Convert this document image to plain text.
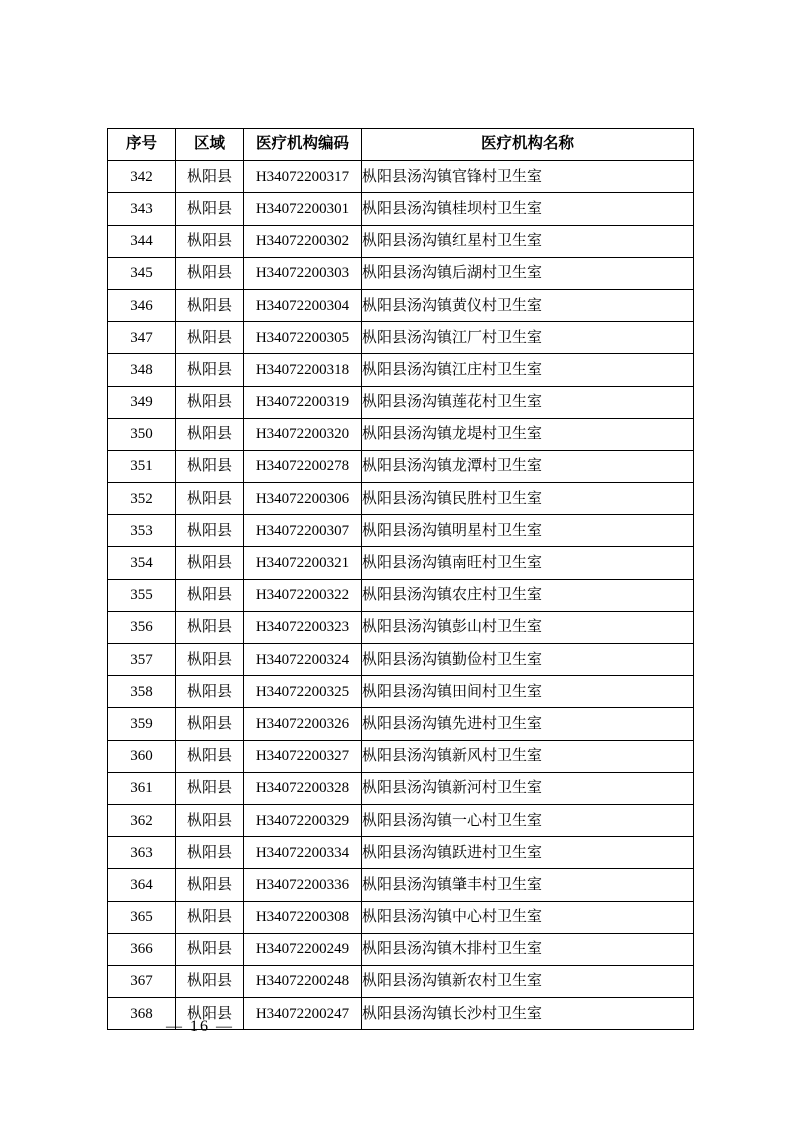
序号	区域	医疗机构编码	医疗机构名称
342	枞阳县	H34072200317	枞阳县汤沟镇官锋村卫生室
343	枞阳县	H34072200301	枞阳县汤沟镇桂坝村卫生室
344	枞阳县	H34072200302	枞阳县汤沟镇红星村卫生室
345	枞阳县	H34072200303	枞阳县汤沟镇后湖村卫生室
346	枞阳县	H34072200304	枞阳县汤沟镇黄仪村卫生室
347	枞阳县	H34072200305	枞阳县汤沟镇江厂村卫生室
348	枞阳县	H34072200318	枞阳县汤沟镇江庄村卫生室
349	枞阳县	H34072200319	枞阳县汤沟镇莲花村卫生室
350	枞阳县	H34072200320	枞阳县汤沟镇龙堤村卫生室
351	枞阳县	H34072200278	枞阳县汤沟镇龙潭村卫生室
352	枞阳县	H34072200306	枞阳县汤沟镇民胜村卫生室
353	枞阳县	H34072200307	枞阳县汤沟镇明星村卫生室
354	枞阳县	H34072200321	枞阳县汤沟镇南旺村卫生室
355	枞阳县	H34072200322	枞阳县汤沟镇农庄村卫生室
356	枞阳县	H34072200323	枞阳县汤沟镇彭山村卫生室
357	枞阳县	H34072200324	枞阳县汤沟镇勤俭村卫生室
358	枞阳县	H34072200325	枞阳县汤沟镇田间村卫生室
359	枞阳县	H34072200326	枞阳县汤沟镇先进村卫生室
360	枞阳县	H34072200327	枞阳县汤沟镇新风村卫生室
361	枞阳县	H34072200328	枞阳县汤沟镇新河村卫生室
362	枞阳县	H34072200329	枞阳县汤沟镇一心村卫生室
363	枞阳县	H34072200334	枞阳县汤沟镇跃进村卫生室
364	枞阳县	H34072200336	枞阳县汤沟镇肇丰村卫生室
365	枞阳县	H34072200308	枞阳县汤沟镇中心村卫生室
366	枞阳县	H34072200249	枞阳县汤沟镇木排村卫生室
367	枞阳县	H34072200248	枞阳县汤沟镇新农村卫生室
368	枞阳县	H34072200247	枞阳县汤沟镇长沙村卫生室
— 16 —
